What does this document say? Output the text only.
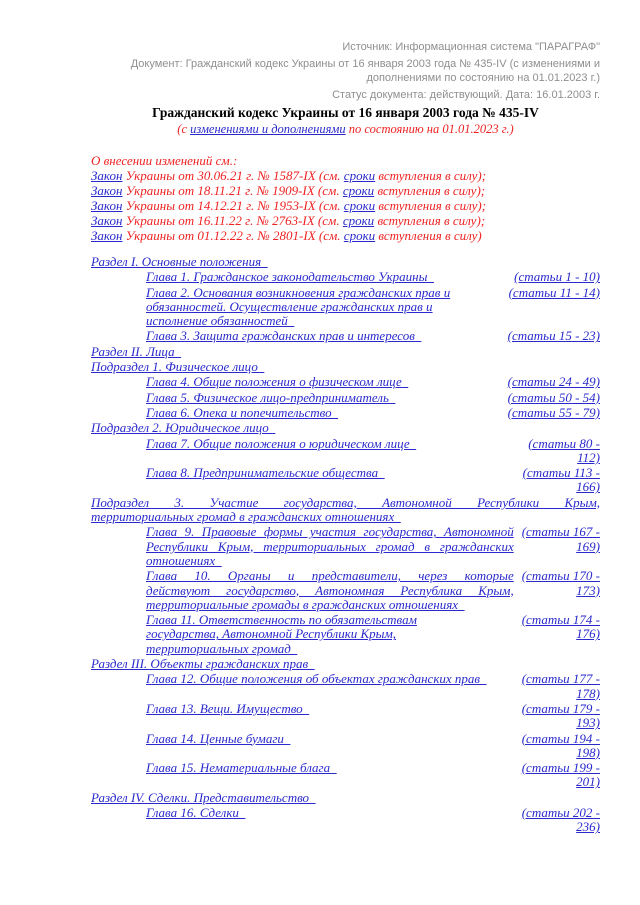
Источник: Информационная система "ПАРАГРАФ"
Документ: Гражданский кодекс Украины от 16 января 2003 года № 435-IV (с изменениями и дополнениями по состоянию на 01.01.2023 г.)
Статус документа: действующий. Дата: 16.01.2003 г.
Гражданский кодекс Украины от 16 января 2003 года № 435-IV
(с изменениями и дополнениями по состоянию на 01.01.2023 г.)
О внесении изменений см.:
Закон Украины от 30.06.21 г. № 1587-IX (см. сроки вступления в силу);
Закон Украины от 18.11.21 г. № 1909-IX (см. сроки вступления в силу);
Закон Украины от 14.12.21 г. № 1953-IX (см. сроки вступления в силу);
Закон Украины от 16.11.22 г. № 2763-IX (см. сроки вступления в силу);
Закон Украины от 01.12.22 г. № 2801-IX (см. сроки вступления в силу)
Раздел I. Основные положения
Глава 1. Гражданское законодательство Украины	(статьи 1 - 10)
Глава 2. Основания возникновения гражданских прав и
обязанностей. Осуществление гражданских прав и
исполнение обязанностей
(статьи 11 - 14)
Глава 3. Защита гражданских прав и интересов	(статьи 15 - 23)
Раздел II. Лица
Подраздел 1. Физическое лицо
Глава 4. Общие положения о физическом лице	(статьи 24 - 49)
Глава 5. Физическое лицо-предприниматель	(статьи 50 - 54)
Глава 6. Опека и попечительство	(статьи 55 - 79)
Подраздел 2. Юридическое лицо
Глава 7. Общие положения о юридическом лице	(статьи 80 -
112)
Глава 8. Предпринимательские общества	(статьи 113 -
166)
Подраздел 3. Участие государства, Автономной Республики Крым,
территориальных громад в гражданских отношениях
Глава 9. Правовые формы участия государства, Автономной
Республики Крым, территориальных громад в гражданских
отношениях
(статьи 167 -
169)
Глава 10. Органы и представители, через которые
действуют государство, Автономная Республика Крым,
территориальные громады в гражданских отношениях
(статьи 170 -
173)
Глава 11. Ответственность по обязательствам
государства, Автономной Республики Крым,
территориальных громад
(статьи 174 -
176)
Раздел III. Объекты гражданских прав
Глава 12. Общие положения об объектах гражданских прав	(статьи 177 -
178)
Глава 13. Вещи. Имущество	(статьи 179 -
193)
Глава 14. Ценные бумаги	(статьи 194 -
198)
Глава 15. Нематериальные блага	(статьи 199 -
201)
Раздел IV. Сделки. Представительство
Глава 16. Сделки	(статьи 202 -
236)
